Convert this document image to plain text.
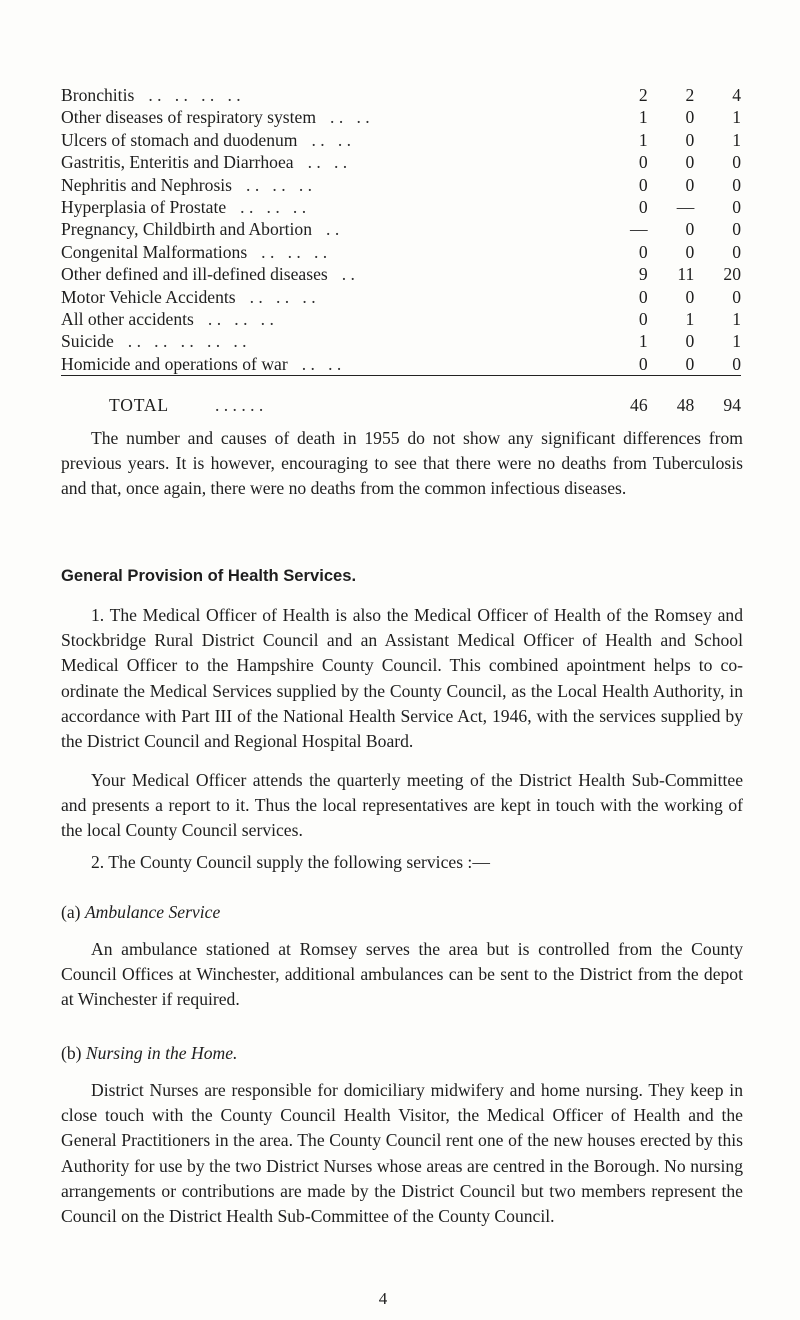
Bronchitis . .   . .   . .   . .	2	2	4
Other diseases of respiratory system . .   . .	1	0	1
Ulcers of stomach and duodenum . .   . .	1	0	1
Gastritis, Enteritis and Diarrhoea . .   . .	0	0	0
Nephritis and Nephrosis . .   . .   . .	0	0	0
Hyperplasia of Prostate . .   . .   . .	0	—	0
Pregnancy, Childbirth and Abortion . .	—	0	0
Congenital Malformations . .   . .   . .	0	0	0
Other defined and ill-defined diseases . .	9	11	20
Motor Vehicle Accidents . .   . .   . .	0	0	0
All other accidents . .   . .   . .	0	1	1
Suicide . .   . .   . .   . .   . .	1	0	1
Homicide and operations of war . .   . .	0	0	0

TOTAL . . . . . .	46	48	94

The number and causes of death in 1955 do not show any significant differences from previous years. It is however, encouraging to see that there were no deaths from Tuberculosis and that, once again, there were no deaths from the common infectious diseases.

General Provision of Health Services.

1. The Medical Officer of Health is also the Medical Officer of Health of the Romsey and Stockbridge Rural District Council and an Assistant Medical Officer of Health and School Medical Officer to the Hampshire County Council. This combined apointment helps to co-ordinate the Medical Services supplied by the County Council, as the Local Health Authority, in accordance with Part III of the National Health Service Act, 1946, with the services supplied by the District Council and Regional Hospital Board.

Your Medical Officer attends the quarterly meeting of the District Health Sub-Committee and presents a report to it. Thus the local representatives are kept in touch with the working of the local County Council services.

2. The County Council supply the following services :—

(a) Ambulance Service

An ambulance stationed at Romsey serves the area but is controlled from the County Council Offices at Winchester, additional ambulances can be sent to the District from the depot at Winchester if required.

(b) Nursing in the Home.

District Nurses are responsible for domiciliary midwifery and home nursing. They keep in close touch with the County Council Health Visitor, the Medical Officer of Health and the General Practitioners in the area. The County Council rent one of the new houses erected by this Authority for use by the two District Nurses whose areas are centred in the Borough. No nursing arrangements or contributions are made by the District Council but two members represent the Council on the District Health Sub-Committee of the County Council.

4
